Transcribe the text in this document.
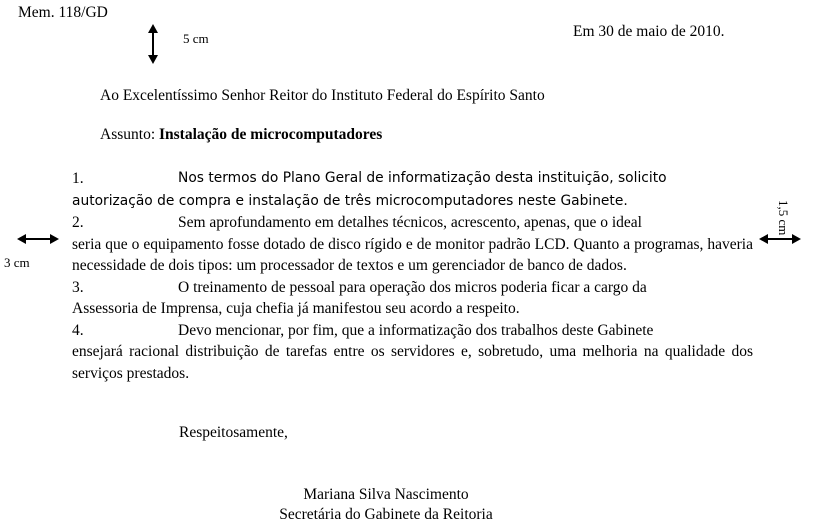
Mem. 118/GD
Em 30 de maio de 2010.
5 cm
Ao Excelentíssimo Senhor Reitor do Instituto Federal do Espírito Santo
Assunto: Instalação de microcomputadores
1.	Nos termos do Plano Geral de informatização desta instituição, solicito
autorização de compra e instalação de três microcomputadores neste Gabinete.
2.	Sem aprofundamento em detalhes técnicos, acrescento, apenas, que o ideal
seria que o equipamento fosse dotado de disco rígido e de monitor padrão LCD. Quanto a programas, haveria necessidade de dois tipos: um processador de textos e um gerenciador de banco de dados.
3.	O treinamento de pessoal para operação dos micros poderia ficar a cargo da
Assessoria de Imprensa, cuja chefia já manifestou seu acordo a respeito.
4.	Devo mencionar, por fim, que a informatização dos trabalhos deste Gabinete
ensejará racional distribuição de tarefas entre os servidores e, sobretudo, uma melhoria na qualidade dos serviços prestados.
3 cm
1,5 cm
Respeitosamente,
Mariana Silva Nascimento
Secretária do Gabinete da Reitoria
